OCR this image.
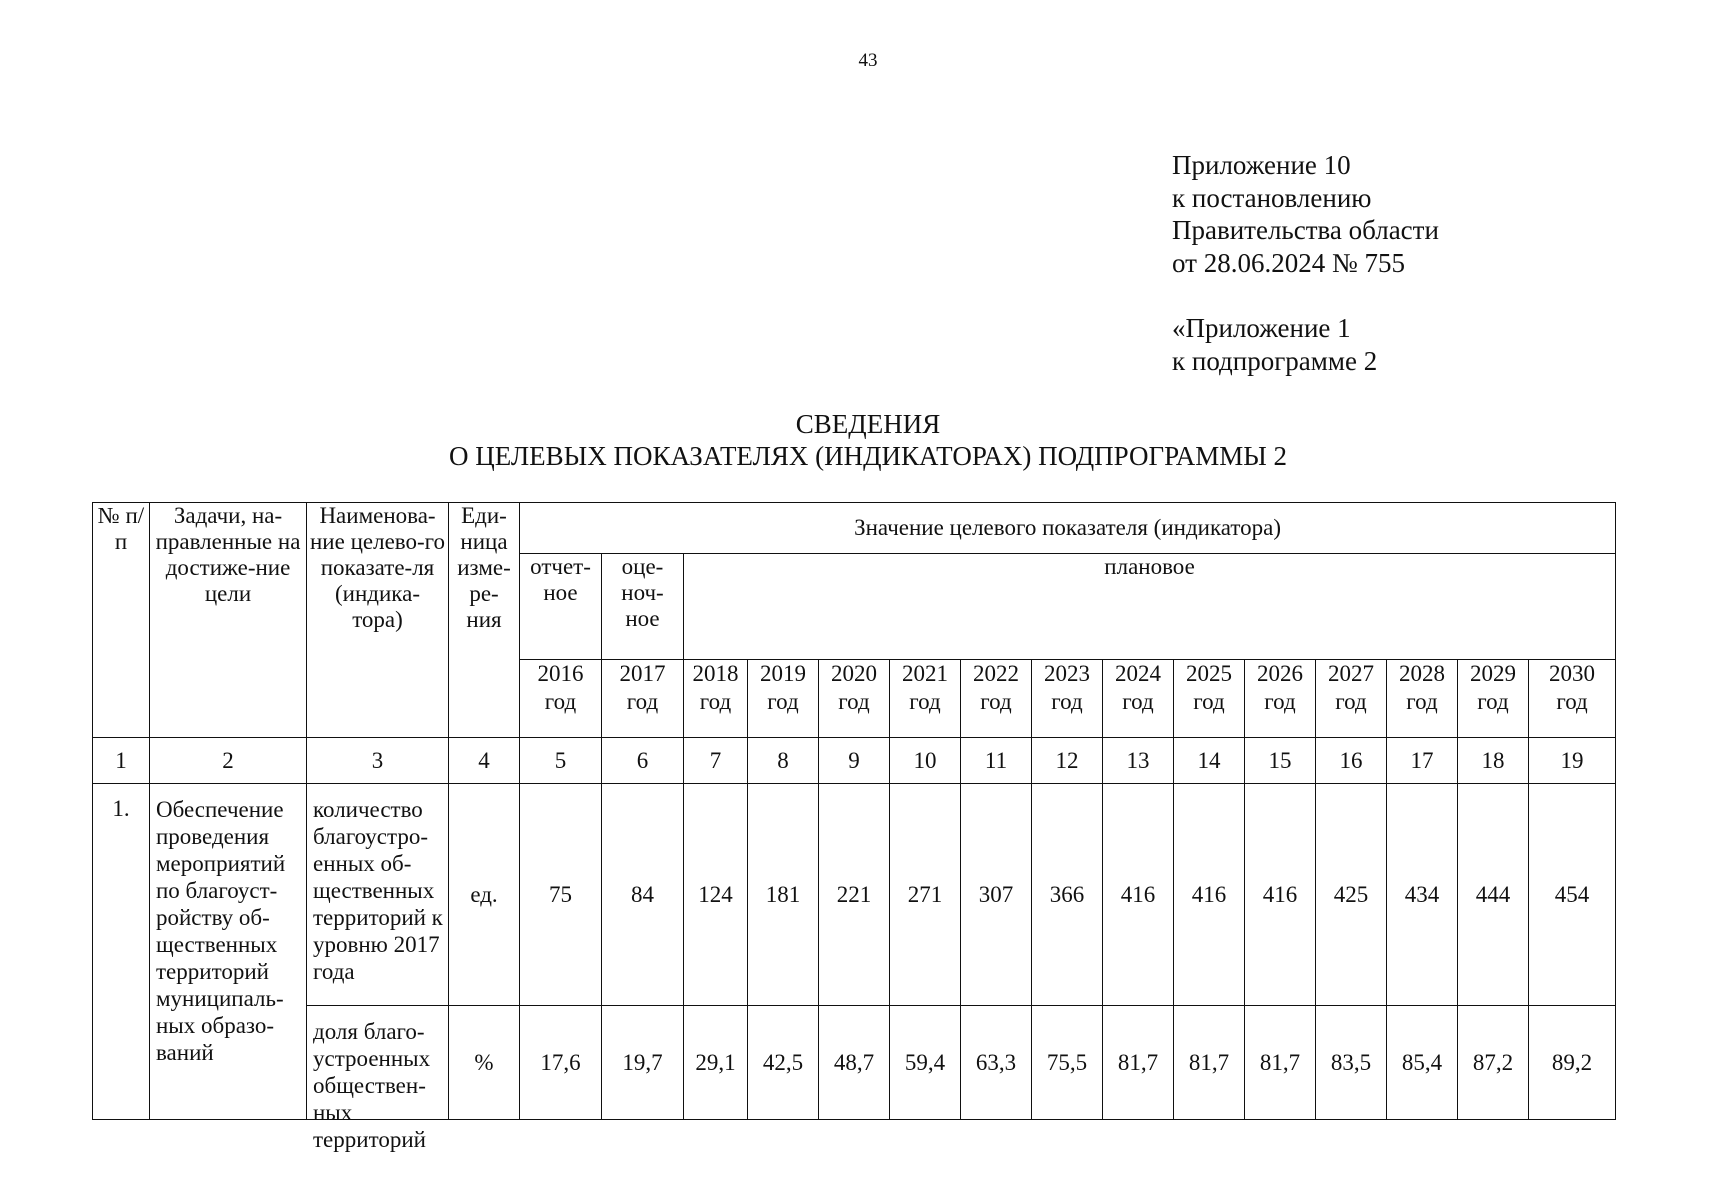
43
Приложение 10
к постановлению
Правительства области
от 28.06.2024 № 755
«Приложение 1
к подпрограмме 2
СВЕДЕНИЯ
О ЦЕЛЕВЫХ ПОКАЗАТЕЛЯХ (ИНДИКАТОРАХ) ПОДПРОГРАММЫ 2
№ п/п	Задачи, на-правленные на достиже-ние цели	Наименова-ние целево-го показате-ля (индика-тора)	Еди-ница изме-ре-ния	Значение целевого показателя (индикатора)														
				отчет-ное	оце-ноч-ное	плановое												
				2016 год	2017 год	2018 год	2019 год	2020 год	2021 год	2022 год	2023 год	2024 год	2025 год	2026 год	2027 год	2028 год	2029 год	2030 год
1	2	3	4	5	6	7	8	9	10	11	12	13	14	15	16	17	18	19
1.	Обеспечение проведения мероприятий по благоуст-ройству об-щественных территорий муниципаль-ных образо-ваний	количество благоустро-енных об-щественных территорий к уровню 2017 года	ед.	75	84	124	181	221	271	307	366	416	416	416	425	434	444	454

		доля благо-устроенных обществен-ных территорий	%	17,6	19,7	29,1	42,5	48,7	59,4	63,3	75,5	81,7	81,7	81,7	83,5	85,4	87,2	89,2
